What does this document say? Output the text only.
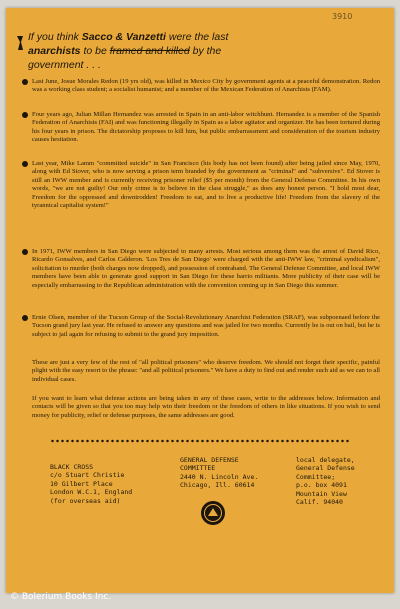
3910
If you think Sacco & Vanzetti were the last
anarchists to be framed and killed by the
government . . .
Last June, Josue Morales Redon (19 yrs old), was killed in Mexico City by government agents at a peaceful demonstration. Redon was a working class student; a socialist humanist; and a member of the Mexican Federation of Anarchists (FAM).
Four years ago, Julian Millan Hernandez was arrested in Spain in an anti-labor witchhunt. Hernandez is a member of the Spanish Federation of Anarchists (FAI) and was functioning illegally in Spain as a labor agitator and organizer. He has been tortured during his four years in prison. The dictatorship proposes to kill him, but public embarrassment and consideration of the tourism industry causes hesitation.
Last year, Mike Lamm "committed suicide" in San Francisco (his body has not been found) after being jailed since May, 1970, along with Ed Stover, who is now serving a prison term branded by the government as "criminal" and "subversive". Ed Stover is still an IWW member and is currently receiving prisoner relief ($5 per month) from the General Defense Committee. In his own words, "we are not guilty! Our only crime is to believe in the class struggle," as does any honest person. "I hold most dear, Freedom for the oppressed and downtrodden! Freedom to eat, and to live a productive life! Freedom from the slavery of the tyrannical capitalist system!"
In 1971, IWW members in San Diego were subjected to many arrests. Most serious among them was the arrest of David Rico, Ricardo Gonsalves, and Carlos Calderon. 'Los Tres de San Diego' were charged with the anti-IWW law, "criminal syndicalism", solicitation to murder (both charges now dropped), and possession of contraband. The General Defense Committee, and local IWW members have been able to generate good support in San Diego for these barrio militants. More publicity of their case will be especially embarrassing to the Republican administration with the convention coming up in San Diego this summer.
Ernie Olsen, member of the Tucson Group of the Social-Revolutionary Anarchist Federation (SRAF), was subpoenaed before the Tucson grand jury last year. He refused to answer any questions and was jailed for two months. Currently he is out on bail, but he is subject to jail again for refusing to submit to the grand jury imposition.
These are just a very few of the rest of "all political prisoners" who deserve freedom. We should not forget their specific, painful plight with the easy resort to the phrase: "and all political prisoners." We have a duty to find out and render such aid as we can to all individual cases.
If you want to learn what defense actions are being taken in any of these cases, write to the addresses below. Information and contacts will be given so that you too may help win their freedom or the freedom of others in like situations. If you wish to send money for publicity, relief or defense purposes, the same addresses are good.
BLACK CROSS
c/o Stuart Christie
10 Gilbert Place
London W.C.1, England
(for overseas aid)
GENERAL DEFENSE
COMMITTEE
2440 N. Lincoln Ave.
Chicago, Ill. 60614
local delegate,
General Defense
Committee;
p.o. box 4091
Mountain View
Calif. 94040
© Bolerium Books Inc.
